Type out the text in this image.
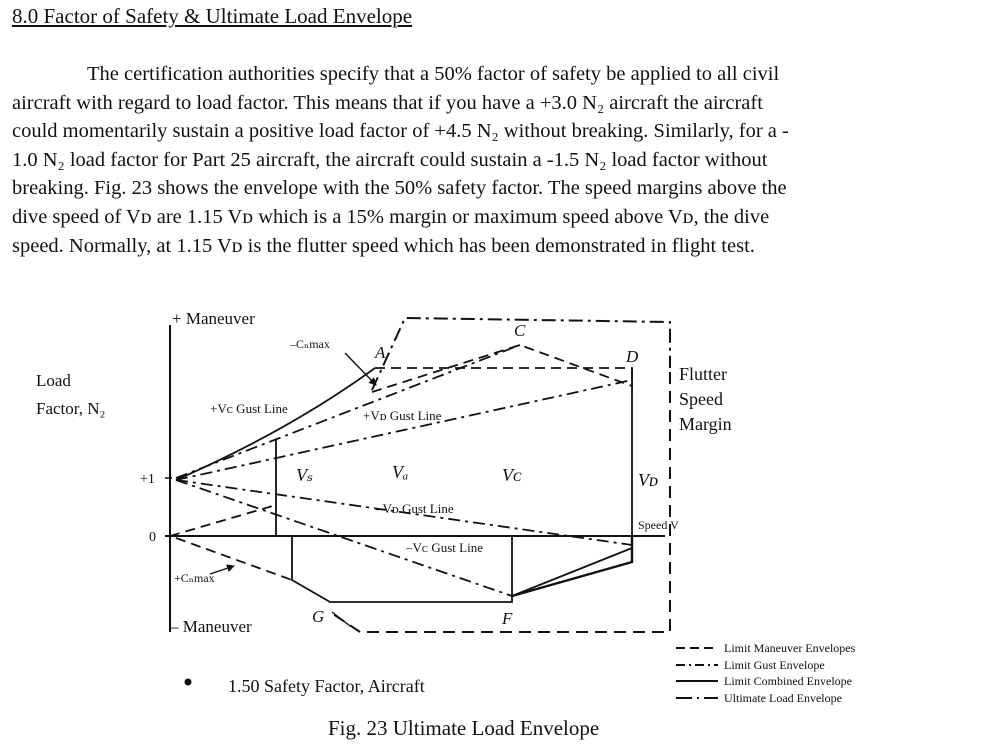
8.0 Factor of Safety & Ultimate Load Envelope
The certification authorities specify that a 50% factor of safety be applied to all civil
aircraft with regard to load factor. This means that if you have a +3.0 N₂ aircraft the aircraft
could momentarily sustain a positive load factor of +4.5 N₂ without breaking. Similarly, for a -
1.0 N₂ load factor for Part 25 aircraft, the aircraft could sustain a -1.5 N₂ load factor without
breaking. Fig. 23 shows the envelope with the 50% safety factor. The speed margins above the
dive speed of Vᴅ are 1.15 Vᴅ which is a 15% margin or maximum speed above Vᴅ, the dive
speed. Normally, at 1.15 Vᴅ is the flutter speed which has been demonstrated in flight test.
+ Maneuver
– Maneuver
Load
Factor, N₂
+1
0
–Cₙmax
+Cₙmax
+Vᴄ Gust Line	+Vᴅ Gust Line
–Vᴅ Gust Line
–Vᴄ Gust Line
Vₛ	Vₐ	Vᴄ	Vᴅ
A
C
D
F
G
Speed V
Flutter
Speed
Margin
Limit Maneuver Envelopes
Limit Gust Envelope
Limit Combined Envelope
Ultimate Load Envelope
1.50 Safety Factor, Aircraft
Fig. 23 Ultimate Load Envelope
